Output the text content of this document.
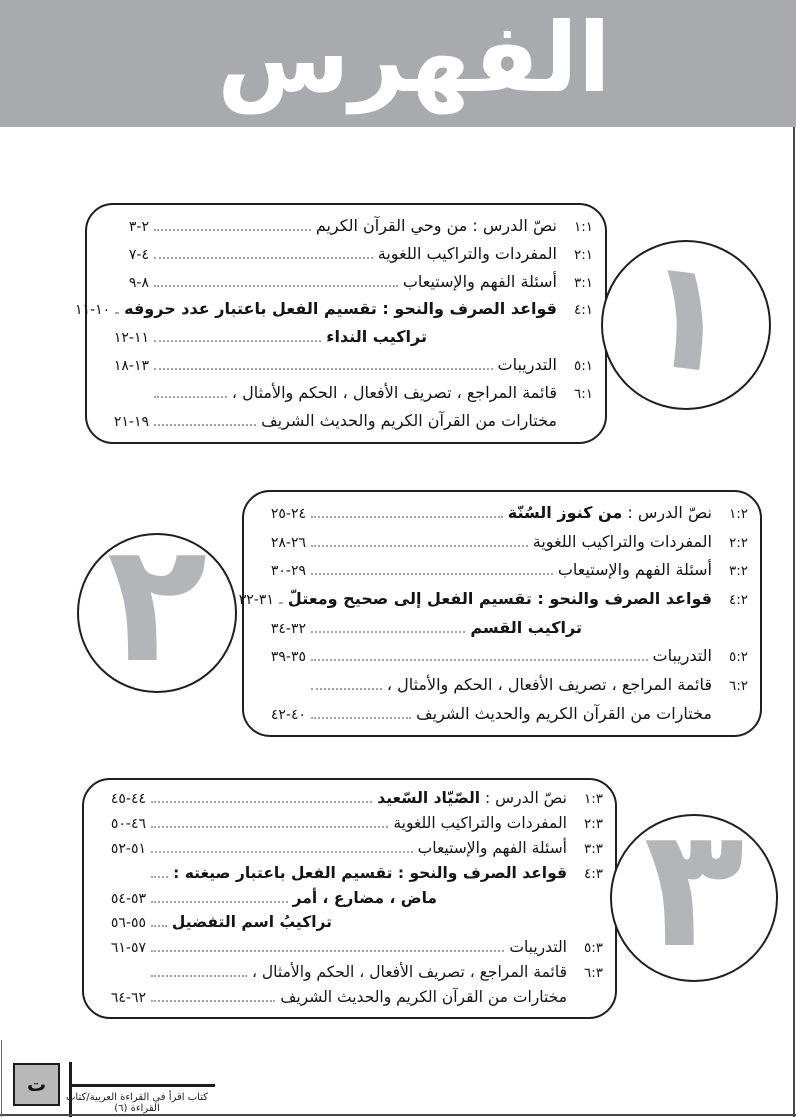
الفهرس
١:١
نصّ الدرس : من وحي القرآن الكريم
٢-٣
٢:١
المفردات والتراكيب اللغوية
٤-٧
٣:١
أسئلة الفهم والإستيعاب
٨-٩
٤:١
قواعد الصرف والنحو : تقسيم الفعل باعتبار عدد حروفه
١٠-١١
تراكيب النداء
١١-١٢
٥:١
التدريبات
١٣-١٨
٦:١
قائمة المراجع ، تصريف الأفعال ، الحكم والأمثال ،
مختارات من القرآن الكريم والحديث الشريف
١٩-٢١
١
١:٢
نصّ الدرس : من كنوز السُنّة
٢٤-٢٥
٢:٢
المفردات والتراكيب اللغوية
٢٦-٢٨
٣:٢
أسئلة الفهم والإستيعاب
٢٩-٣٠
٤:٢
قواعد الصرف والنحو : تقسيم الفعل إلى صحيح ومعتلّ
٣١-٣٢
تراكيب القسم
٣٢-٣٤
٥:٢
التدريبات
٣٥-٣٩
٦:٢
قائمة المراجع ، تصريف الأفعال ، الحكم والأمثال ،
مختارات من القرآن الكريم والحديث الشريف
٤٠-٤٢
٢
١:٣
نصّ الدرس : الصّيّاد السّعيد
٤٤-٤٥
٢:٣
المفردات والتراكيب اللغوية
٤٦-٥٠
٣:٣
أسئلة الفهم والإستيعاب
٥١-٥٢
٤:٣
قواعد الصرف والنحو : تقسيم الفعل باعتبار صيغته :
ماض ، مضارع ، أمر
٥٣-٥٤
تراكيبُ اسم التفضيل
٥٥-٥٦
٥:٣
التدريبات
٥٧-٦١
٦:٣
قائمة المراجع ، تصريف الأفعال ، الحكم والأمثال ،
مختارات من القرآن الكريم والحديث الشريف
٦٢-٦٤
٣
ت
كتاب اقرأ في القراءة العربية/كتاب القراءة (٦)
